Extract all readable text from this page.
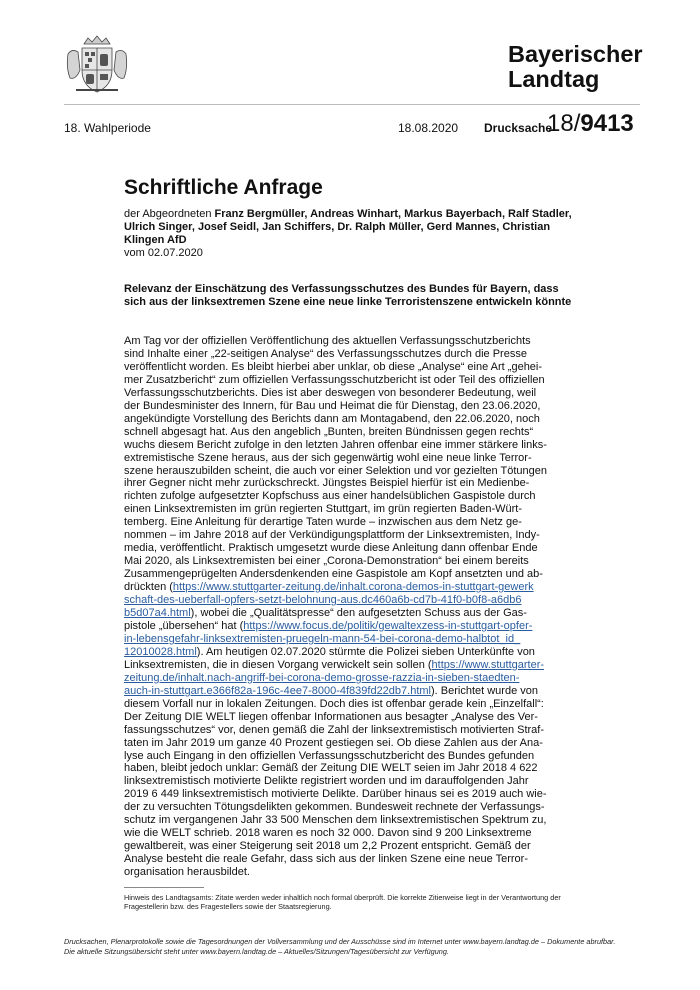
Bayerischer
Landtag
18. Wahlperiode	18.08.2020 Drucksache
18/9413
Schriftliche Anfrage
der Abgeordneten Franz Bergmüller, Andreas Winhart, Markus Bayerbach, Ralf Stadler, Ulrich Singer, Josef Seidl, Jan Schiffers, Dr. Ralph Müller, Gerd Mannes, Christian Klingen AfD
vom 02.07.2020
Relevanz der Einschätzung des Verfassungsschutzes des Bundes für Bayern, dass sich aus der linksextremen Szene eine neue linke Terroristenszene entwickeln könnte
Am Tag vor der offiziellen Veröffentlichung des aktuellen Verfassungsschutzberichts
sind Inhalte einer „22-seitigen Analyse“ des Verfassungsschutzes durch die Presse
veröffentlicht worden. Es bleibt hierbei aber unklar, ob diese „Analyse“ eine Art „gehei-
mer Zusatzbericht“ zum offiziellen Verfassungsschutzbericht ist oder Teil des offiziellen
Verfassungsschutzberichts. Dies ist aber deswegen von besonderer Bedeutung, weil
der Bundesminister des Innern, für Bau und Heimat die für Dienstag, den 23.06.2020,
angekündigte Vorstellung des Berichts dann am Montagabend, den 22.06.2020, noch
schnell abgesagt hat. Aus den angeblich „Bunten, breiten Bündnissen gegen rechts“
wuchs diesem Bericht zufolge in den letzten Jahren offenbar eine immer stärkere links-
extremistische Szene heraus, aus der sich gegenwärtig wohl eine neue linke Terror-
szene herauszubilden scheint, die auch vor einer Selektion und vor gezielten Tötungen
ihrer Gegner nicht mehr zurückschreckt. Jüngstes Beispiel hierfür ist ein Medienbe-
richten zufolge aufgesetzter Kopfschuss aus einer handelsüblichen Gaspistole durch
einen Linksextremisten im grün regierten Stuttgart, im grün regierten Baden-Würt-
temberg. Eine Anleitung für derartige Taten wurde – inzwischen aus dem Netz ge-
nommen – im Jahre 2018 auf der Verkündigungsplattform der Linksextremisten, Indy-
media, veröffentlicht. Praktisch umgesetzt wurde diese Anleitung dann offenbar Ende
Mai 2020, als Linksextremisten bei einer „Corona-Demonstration“ bei einem bereits
Zusammengeprügelten Andersdenkenden eine Gaspistole am Kopf ansetzten und ab-
drückten (https://www.stuttgarter-zeitung.de/inhalt.corona-demos-in-stuttgart-gewerk
schaft-des-ueberfall-opfers-setzt-belohnung-aus.dc460a6b-cd7b-41f0-b0f8-a6db6
b5d07a4.html), wobei die „Qualitätspresse“ den aufgesetzten Schuss aus der Gas-
pistole „übersehen“ hat (https://www.focus.de/politik/gewaltexzess-in-stuttgart-opfer-
in-lebensgefahr-linksextremisten-pruegeln-mann-54-bei-corona-demo-halbtot_id_
12010028.html). Am heutigen 02.07.2020 stürmte die Polizei sieben Unterkünfte von
Linksextremisten, die in diesen Vorgang verwickelt sein sollen (https://www.stuttgarter-
zeitung.de/inhalt.nach-angriff-bei-corona-demo-grosse-razzia-in-sieben-staedten-
auch-in-stuttgart.e366f82a-196c-4ee7-8000-4f839fd22db7.html). Berichtet wurde von
diesem Vorfall nur in lokalen Zeitungen. Doch dies ist offenbar gerade kein „Einzelfall“:
Der Zeitung DIE WELT liegen offenbar Informationen aus besagter „Analyse des Ver-
fassungsschutzes“ vor, denen gemäß die Zahl der linksextremistisch motivierten Straf-
taten im Jahr 2019 um ganze 40 Prozent gestiegen sei. Ob diese Zahlen aus der Ana-
lyse auch Eingang in den offiziellen Verfassungsschutzbericht des Bundes gefunden
haben, bleibt jedoch unklar: Gemäß der Zeitung DIE WELT seien im Jahr 2018 4 622
linksextremistisch motivierte Delikte registriert worden und im darauffolgenden Jahr
2019 6 449 linksextremistisch motivierte Delikte. Darüber hinaus sei es 2019 auch wie-
der zu versuchten Tötungsdelikten gekommen. Bundesweit rechnete der Verfassungs-
schutz im vergangenen Jahr 33 500 Menschen dem linksextremistischen Spektrum zu,
wie die WELT schrieb. 2018 waren es noch 32 000. Davon sind 9 200 Linksextreme
gewaltbereit, was einer Steigerung seit 2018 um 2,2 Prozent entspricht. Gemäß der
Analyse besteht die reale Gefahr, dass sich aus der linken Szene eine neue Terror-
organisation herausbildet.
Hinweis des Landtagsamts: Zitate werden weder inhaltlich noch formal überprüft. Die korrekte Zitierweise liegt in der Verantwortung der Fragestellerin bzw. des Fragestellers sowie der Staatsregierung.
Drucksachen, Plenarprotokolle sowie die Tagesordnungen der Vollversammlung und der Ausschüsse sind im Internet unter www.bayern.landtag.de – Dokumente abrufbar.
Die aktuelle Sitzungsübersicht steht unter www.bayern.landtag.de – Aktuelles/Sitzungen/Tagesübersicht zur Verfügung.
